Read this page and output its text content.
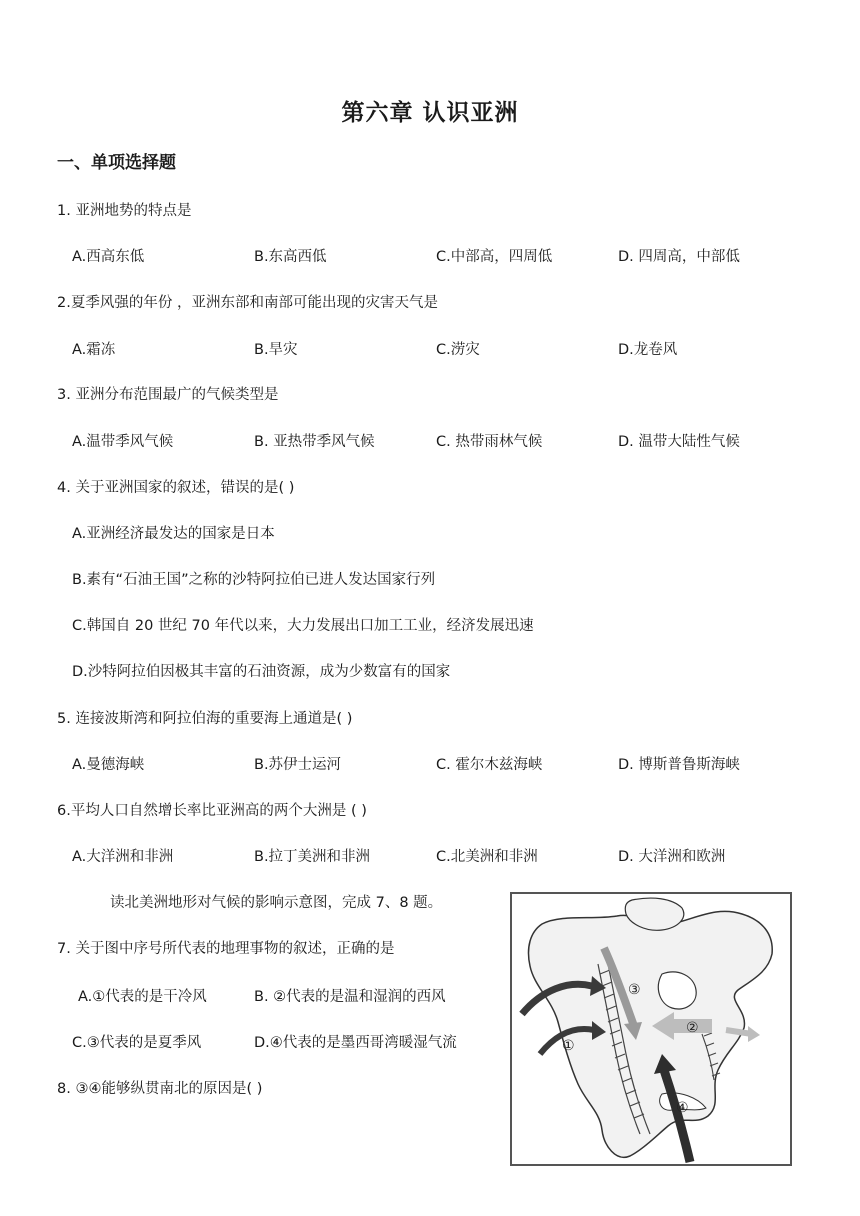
第六章 认识亚洲
一、单项选择题
1. 亚洲地势的特点是
A.西高东低	B.东高西低	C.中部高，四周低	D. 四周高，中部低
2.夏季风强的年份 ，亚洲东部和南部可能出现的灾害天气是
A.霜冻	B.旱灾	C.涝灾	D.龙卷风
3. 亚洲分布范围最广的气候类型是
A.温带季风气候	B. 亚热带季风气候	C. 热带雨林气候	D. 温带大陆性气候
4. 关于亚洲国家的叙述，错误的是( )
A.亚洲经济最发达的国家是日本
B.素有“石油王国”之称的沙特阿拉伯已进人发达国家行列
C.韩国自 20 世纪 70 年代以来，大力发展出口加工工业，经济发展迅速
D.沙特阿拉伯因极其丰富的石油资源，成为少数富有的国家
5. 连接波斯湾和阿拉伯海的重要海上通道是( )
A.曼德海峡	B.苏伊士运河	C. 霍尔木兹海峡	D. 博斯普鲁斯海峡
6.平均人口自然增长率比亚洲高的两个大洲是 ( )
A.大洋洲和非洲	B.拉丁美洲和非洲	C.北美洲和非洲	D. 大洋洲和欧洲
读北美洲地形对气候的影响示意图，完成 7、8 题。
7. 关于图中序号所代表的地理事物的叙述，正确的是
A.①代表的是干冷风	B. ②代表的是温和湿润的西风
C.③代表的是夏季风	D.④代表的是墨西哥湾暖湿气流
8. ③④能够纵贯南北的原因是( )
①
②
③
④
